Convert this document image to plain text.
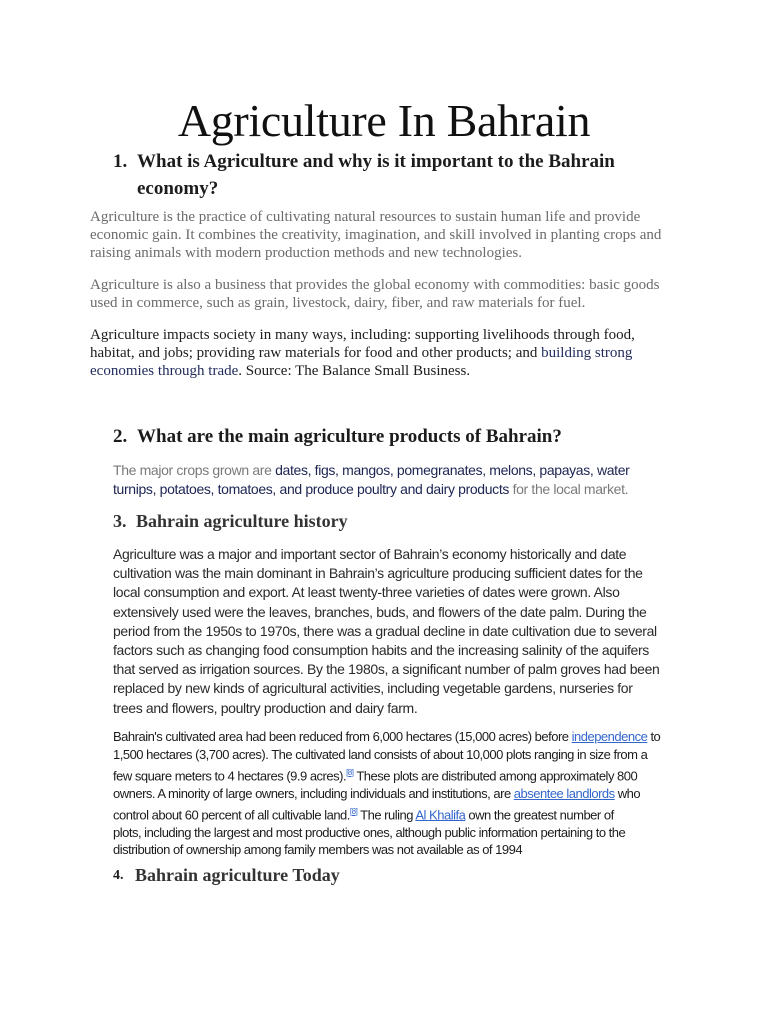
Agriculture In Bahrain
1. What is Agriculture and why is it important to the Bahrain
economy?
Agriculture is the practice of cultivating natural resources to sustain human life and provide
economic gain. It combines the creativity, imagination, and skill involved in planting crops and
raising animals with modern production methods and new technologies.
Agriculture is also a business that provides the global economy with commodities: basic goods
used in commerce, such as grain, livestock, dairy, fiber, and raw materials for fuel.
Agriculture impacts society in many ways, including: supporting livelihoods through food,
habitat, and jobs; providing raw materials for food and other products; and building strong
economies through trade. Source: The Balance Small Business.
2. What are the main agriculture products of Bahrain?
The major crops grown are dates, figs, mangos, pomegranates, melons, papayas, water
turnips, potatoes, tomatoes, and produce poultry and dairy products for the local market.
3. Bahrain agriculture history
Agriculture was a major and important sector of Bahrain’s economy historically and date
cultivation was the main dominant in Bahrain’s agriculture producing sufficient dates for the
local consumption and export. At least twenty-three varieties of dates were grown. Also
extensively used were the leaves, branches, buds, and flowers of the date palm. During the
period from the 1950s to 1970s, there was a gradual decline in date cultivation due to several
factors such as changing food consumption habits and the increasing salinity of the aquifers
that served as irrigation sources. By the 1980s, a significant number of palm groves had been
replaced by new kinds of agricultural activities, including vegetable gardens, nurseries for
trees and flowers, poultry production and dairy farm.
Bahrain's cultivated area had been reduced from 6,000 hectares (15,000 acres) before independence to
1,500 hectares (3,700 acres). The cultivated land consists of about 10,000 plots ranging in size from a
few square meters to 4 hectares (9.9 acres).[8] These plots are distributed among approximately 800
owners. A minority of large owners, including individuals and institutions, are absentee landlords who
control about 60 percent of all cultivable land.[8] The ruling Al Khalifa own the greatest number of
plots, including the largest and most productive ones, although public information pertaining to the
distribution of ownership among family members was not available as of 1994
4. Bahrain agriculture Today
